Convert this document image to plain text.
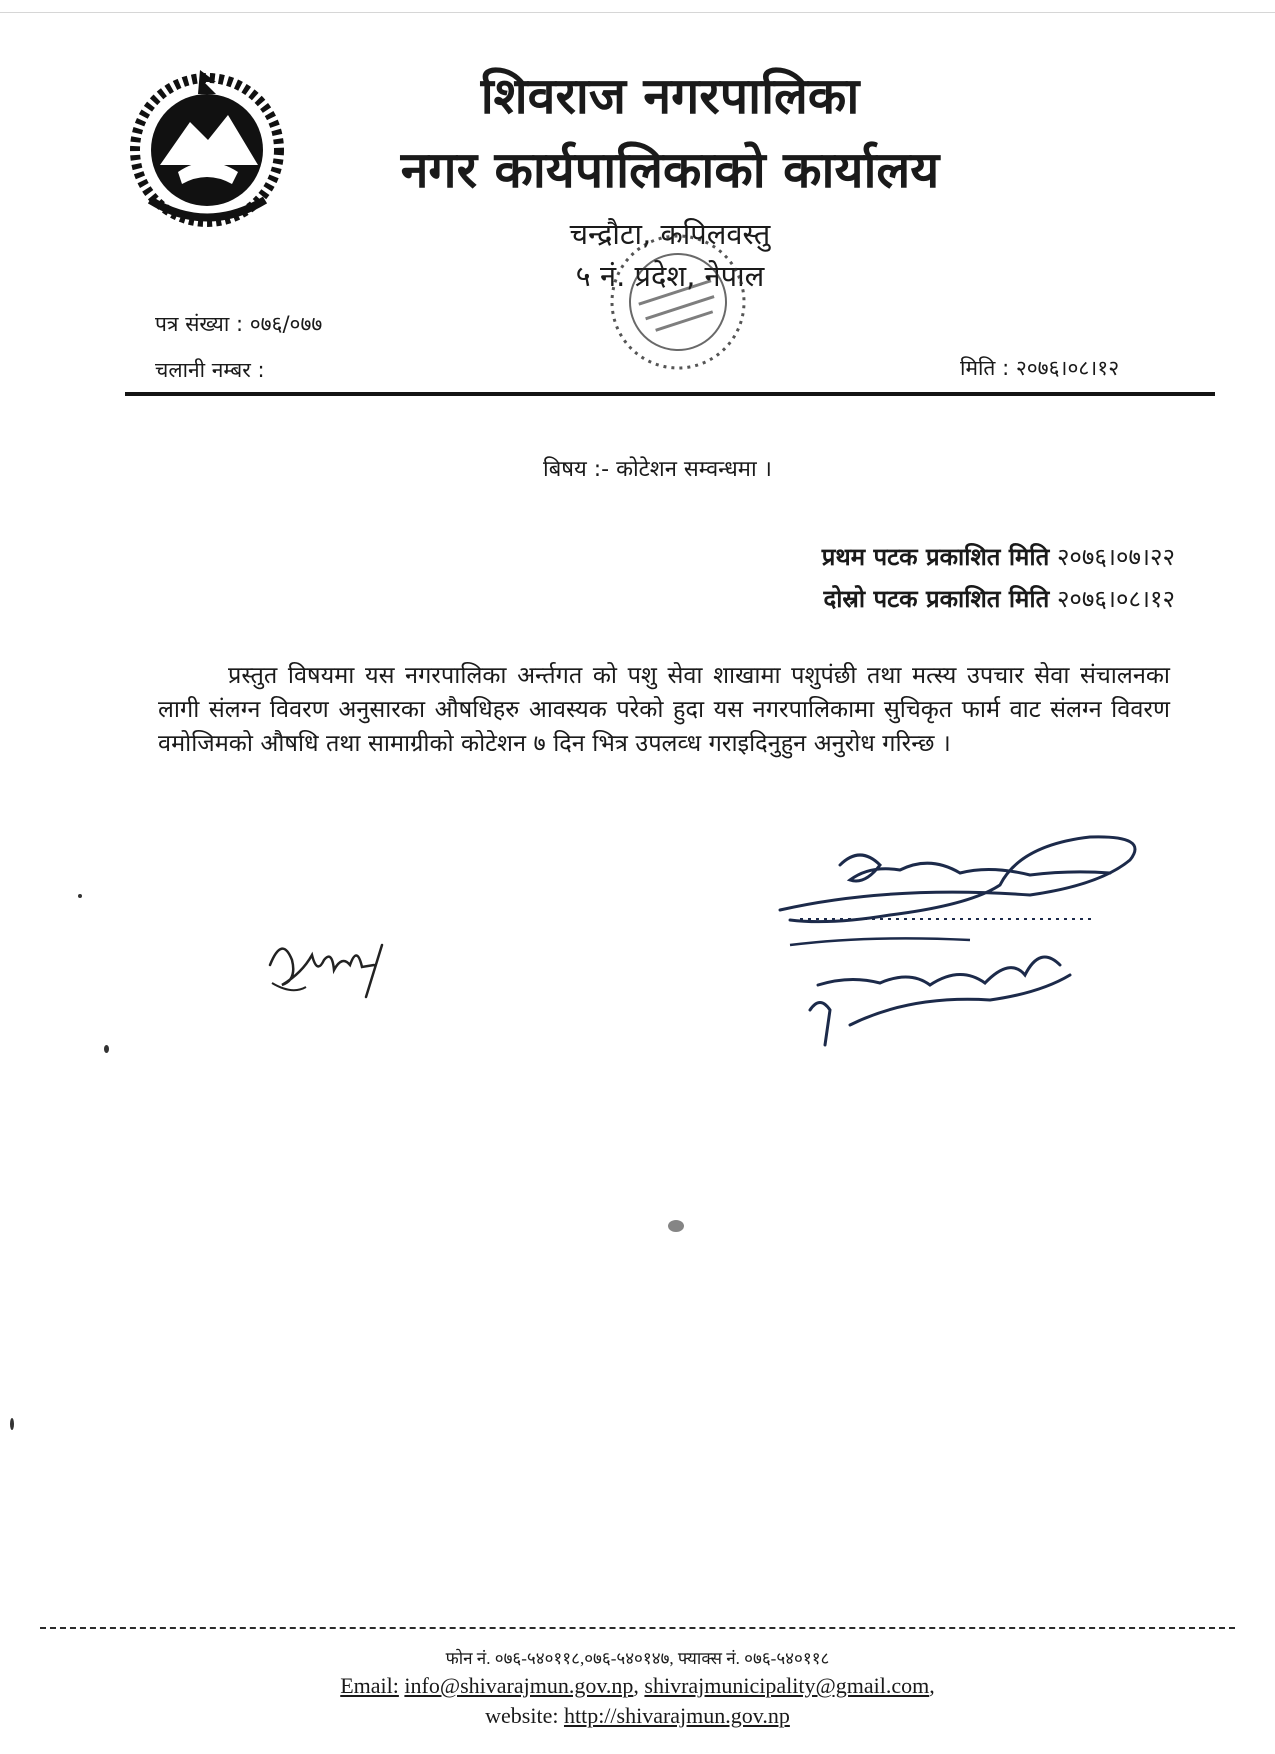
शिवराज नगरपालिका
नगर कार्यपालिकाको कार्यालय
चन्द्रौटा, कपिलवस्तु
५ नं. प्रदेश, नेपाल
पत्र संख्या : ०७६/०७७
चलानी नम्बर :	मिति : २०७६।०८।१२
बिषय :- कोटेशन सम्वन्धमा ।
प्रथम पटक प्रकाशित मिति २०७६।०७।२२
दोस्रो पटक प्रकाशित मिति २०७६।०८।१२
प्रस्तुत विषयमा यस नगरपालिका अर्न्तगत को पशु सेवा शाखामा पशुपंछी तथा मत्स्य उपचार सेवा संचालनका लागी संलग्न विवरण अनुसारका औषधिहरु आवस्यक परेको हुदा यस नगरपालिकामा सुचिकृत फार्म वाट संलग्न विवरण वमोजिमको औषधि तथा सामाग्रीको कोटेशन ७ दिन भित्र उपलव्ध गराइदिनुहुन अनुरोध गरिन्छ ।
फोन नं. ०७६-५४०११८,०७६-५४०१४७, फ्याक्स नं. ०७६-५४०११८
Email: info@shivarajmun.gov.np, shivrajmunicipality@gmail.com,
website: http://shivarajmun.gov.np
